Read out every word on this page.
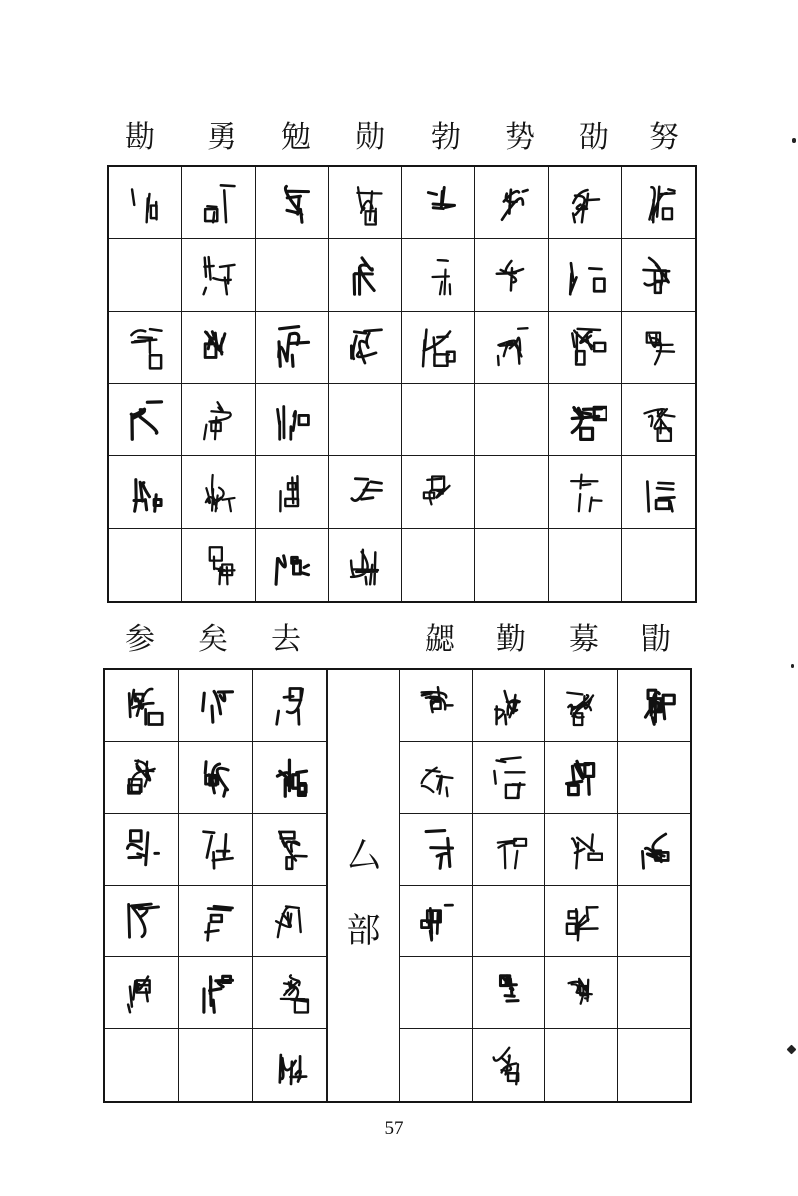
勘 勇 勉 勋 勃 势 劭 努
参 矣 去	勰 勤 募 勖
厶
部
57
